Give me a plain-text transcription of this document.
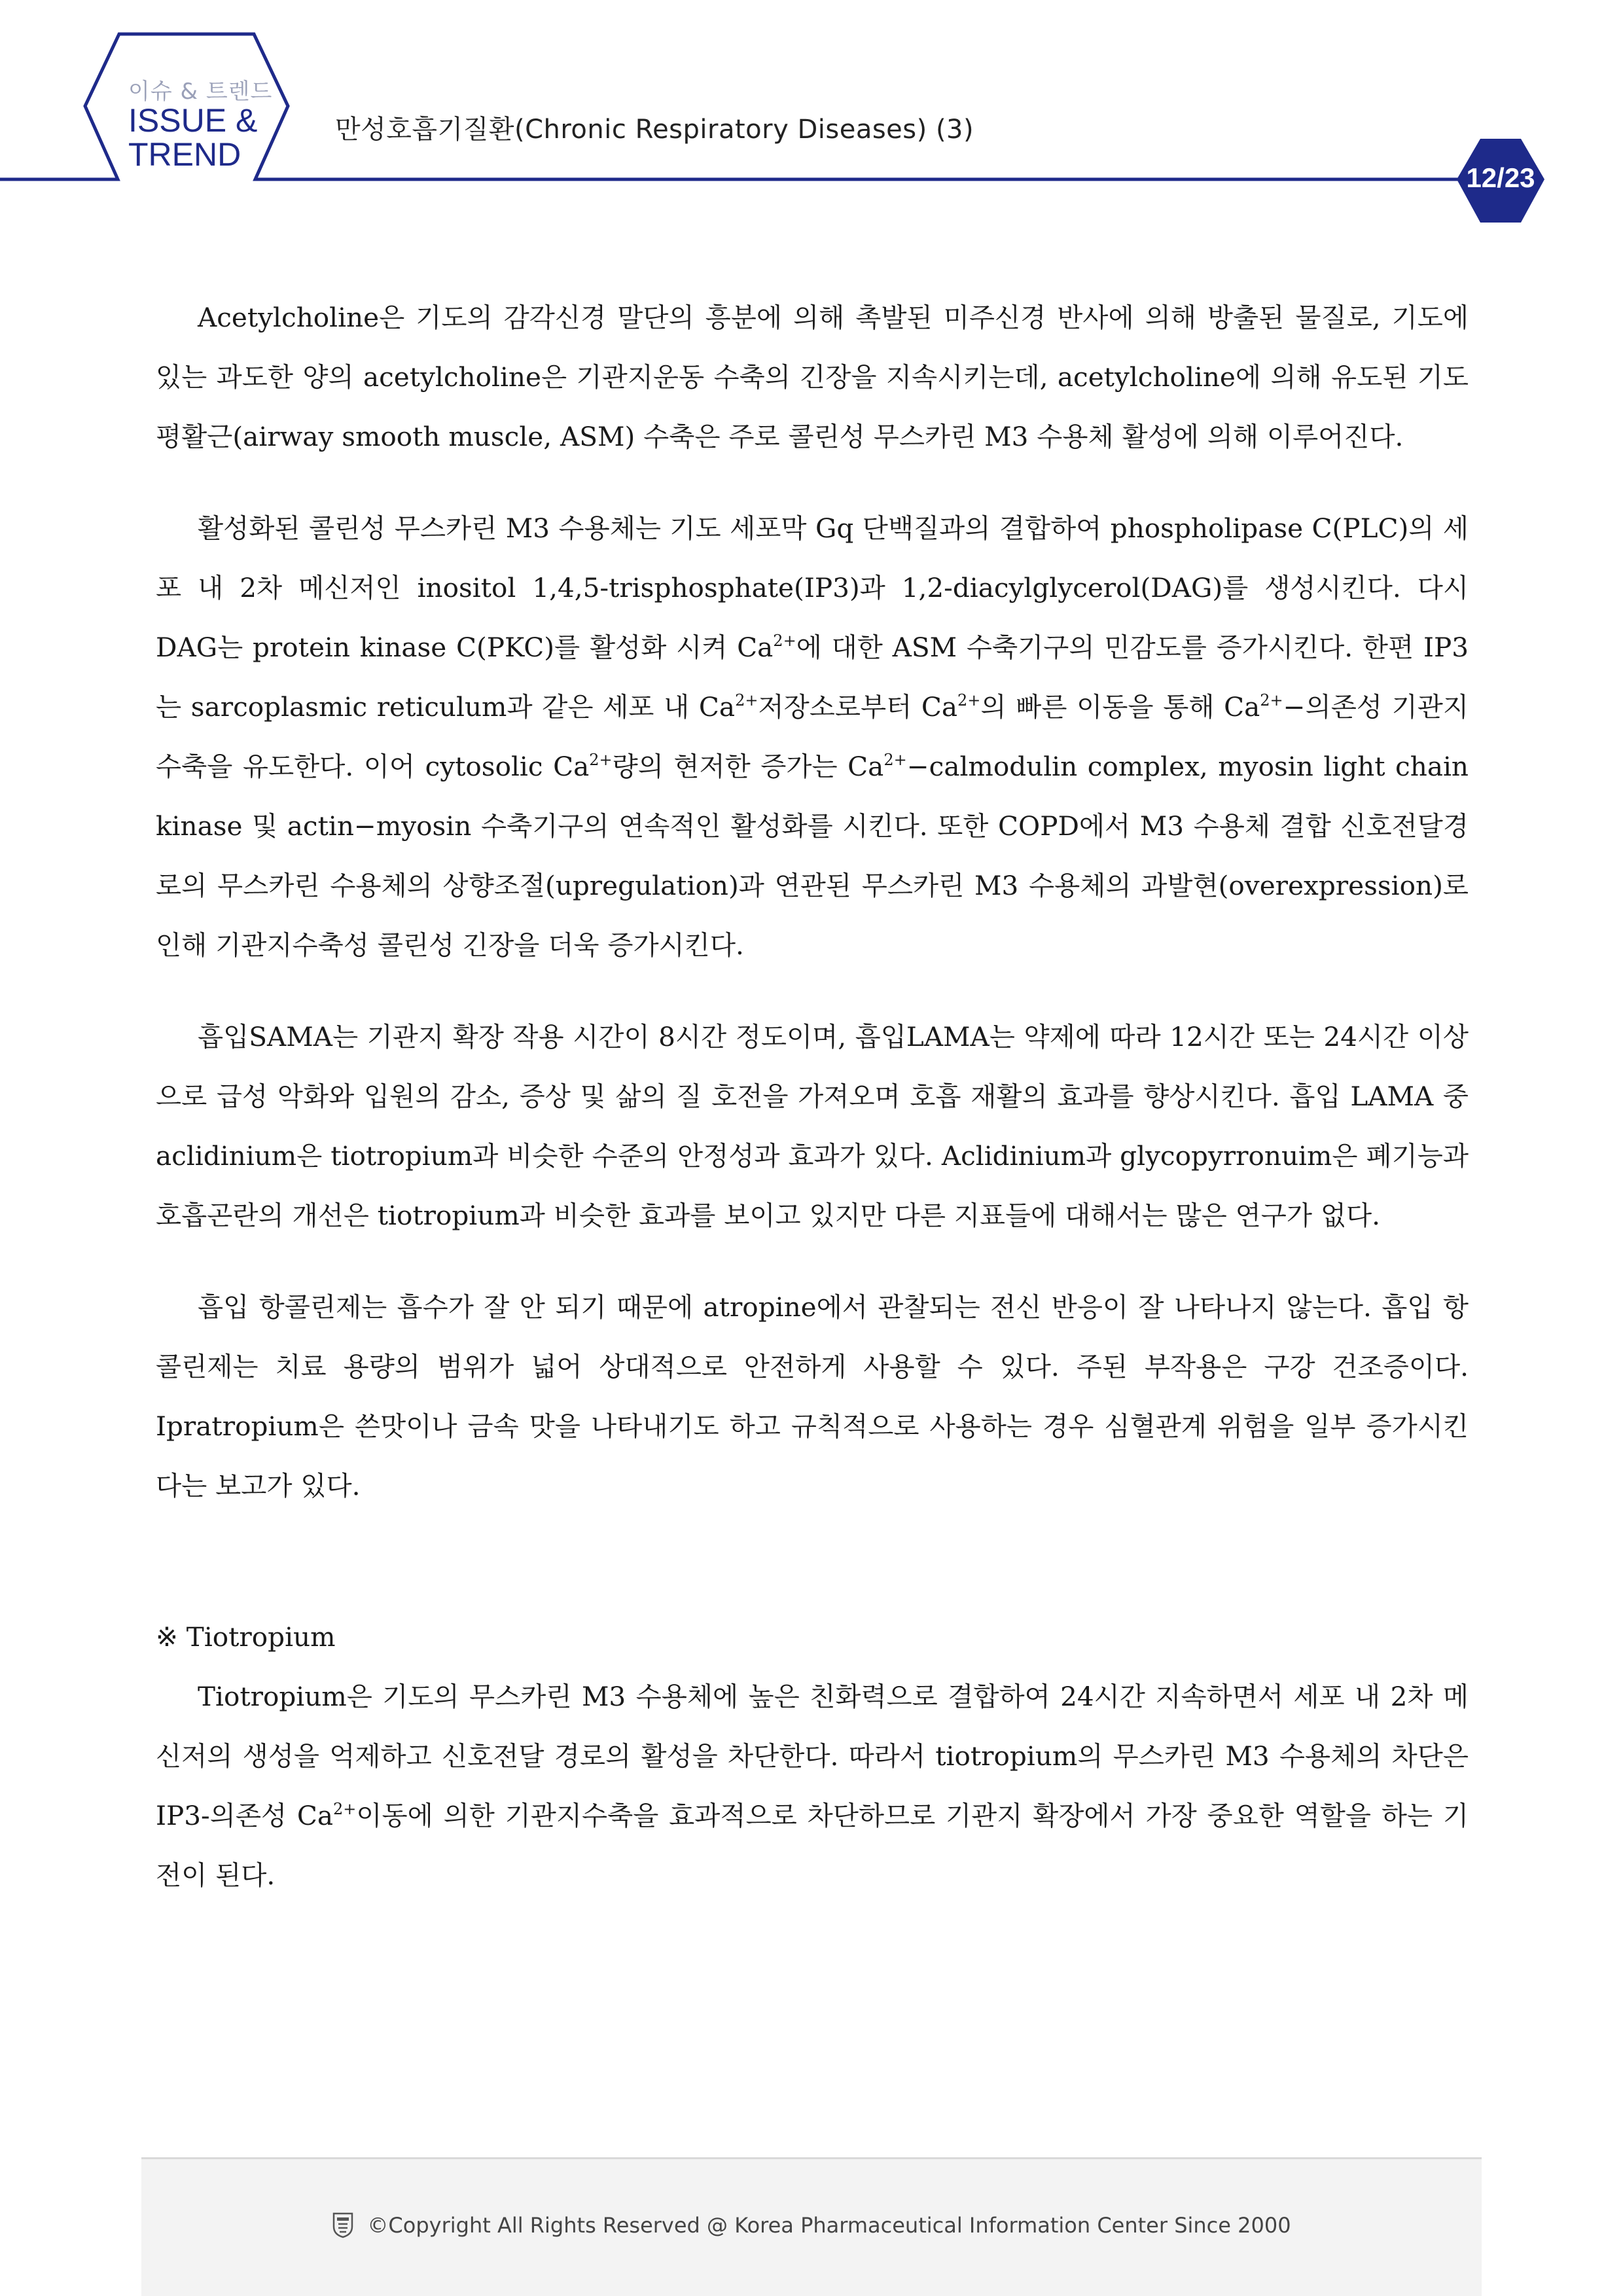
이슈 & 트렌드
ISSUE &
TREND
만성호흡기질환(Chronic Respiratory Diseases) (3)
12/23

Acetylcholine은 기도의 감각신경 말단의 흥분에 의해 촉발된 미주신경 반사에 의해 방출된 물질로, 기도에 있는 과도한 양의 acetylcholine은 기관지운동 수축의 긴장을 지속시키는데, acetylcholine에 의해 유도된 기도 평활근(airway smooth muscle, ASM) 수축은 주로 콜린성 무스카린 M3 수용체 활성에 의해 이루어진다.

활성화된 콜린성 무스카린 M3 수용체는 기도 세포막 Gq 단백질과의 결합하여 phospholipase C(PLC)의 세포 내 2차 메신저인 inositol 1,4,5-trisphosphate(IP3)과 1,2-diacylglycerol(DAG)를 생성시킨다. 다시 DAG는 protein kinase C(PKC)를 활성화 시켜 $Ca^{2+}$에 대한 ASM 수축기구의 민감도를 증가시킨다. 한편 IP3는 sarcoplasmic reticulum과 같은 세포 내 $Ca^{2+}$저장소로부터 $Ca^{2+}$의 빠른 이동을 통해 $Ca^{2+}-$의존성 기관지 수축을 유도한다. 이어 cytosolic $Ca^{2+}$량의 현저한 증가는 $Ca^{2+}-calmodulin$ complex, myosin light chain kinase 및 actin−myosin 수축기구의 연속적인 활성화를 시킨다. 또한 COPD에서 M3 수용체 결합 신호전달경로의 무스카린 수용체의 상향조절(upregulation)과 연관된 무스카린 M3 수용체의 과발현(overexpression)로 인해 기관지수축성 콜린성 긴장을 더욱 증가시킨다.

흡입SAMA는 기관지 확장 작용 시간이 8시간 정도이며, 흡입LAMA는 약제에 따라 12시간 또는 24시간 이상으로 급성 악화와 입원의 감소, 증상 및 삶의 질 호전을 가져오며 호흡 재활의 효과를 향상시킨다. 흡입 LAMA 중 aclidinium은 tiotropium과 비슷한 수준의 안정성과 효과가 있다. Aclidinium과 glycopyrronuim은 폐기능과 호흡곤란의 개선은 tiotropium과 비슷한 효과를 보이고 있지만 다른 지표들에 대해서는 많은 연구가 없다.

흡입 항콜린제는 흡수가 잘 안 되기 때문에 atropine에서 관찰되는 전신 반응이 잘 나타나지 않는다. 흡입 항콜린제는 치료 용량의 범위가 넓어 상대적으로 안전하게 사용할 수 있다. 주된 부작용은 구강 건조증이다. Ipratropium은 쓴맛이나 금속 맛을 나타내기도 하고 규칙적으로 사용하는 경우 심혈관계 위험을 일부 증가시킨다는 보고가 있다.

※ Tiotropium

Tiotropium은 기도의 무스카린 M3 수용체에 높은 친화력으로 결합하여 24시간 지속하면서 세포 내 2차 메신저의 생성을 억제하고 신호전달 경로의 활성을 차단한다. 따라서 tiotropium의 무스카린 M3 수용체의 차단은 IP3-의존성 $Ca^{2+}$이동에 의한 기관지수축을 효과적으로 차단하므로 기관지 확장에서 가장 중요한 역할을 하는 기전이 된다.

©Copyright All Rights Reserved @ Korea Pharmaceutical Information Center Since 2000
